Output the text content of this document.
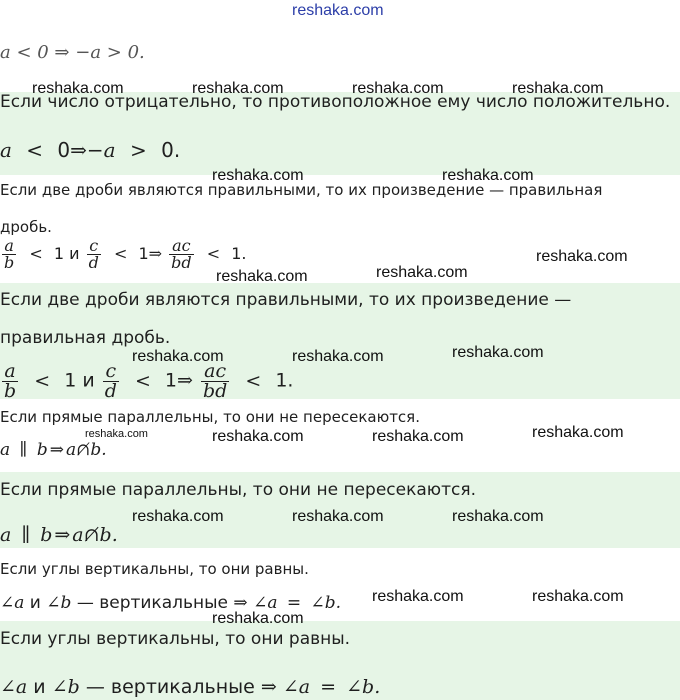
a < 0 ⇒ −a > 0.
Если число отрицательно, то противоположное ему число положительно.
a < 0⇒−a > 0.
Если две дроби являются правильными, то их произведение — правильная
дробь.
$\frac{a}{b} < 1$ и $\frac{c}{d}$ < 1⇒ $\frac{ac}{bd} < 1$.
Если две дроби являются правильными, то их произведение —
правильная дробь.
$\frac{a}{b} < 1$ и $\frac{c}{d}$ < 1⇒ $\frac{ac}{bd} < 1$.
Если прямые параллельны, то они не пересекаются.
a ∥ b ⇒ a∩̸b.
Если прямые параллельны, то они не пересекаются.
a ∥ b ⇒ a∩̸b.
Если углы вертикальны, то они равны.
∠a и ∠b — вертикальные ⇒ ∠a = ∠b.
Если углы вертикальны, то они равны.
∠a и ∠b — вертикальные ⇒ ∠a = ∠b.
reshaka.com
reshaka.com	reshaka.com	reshaka.com	reshaka.com
reshaka.com	reshaka.com
reshaka.com	reshaka.com
reshaka.com
reshaka.com	reshaka.com	reshaka.com
reshaka.com	reshaka.com	reshaka.com	reshaka.com
reshaka.com	reshaka.com	reshaka.com
reshaka.com	reshaka.com
reshaka.com
